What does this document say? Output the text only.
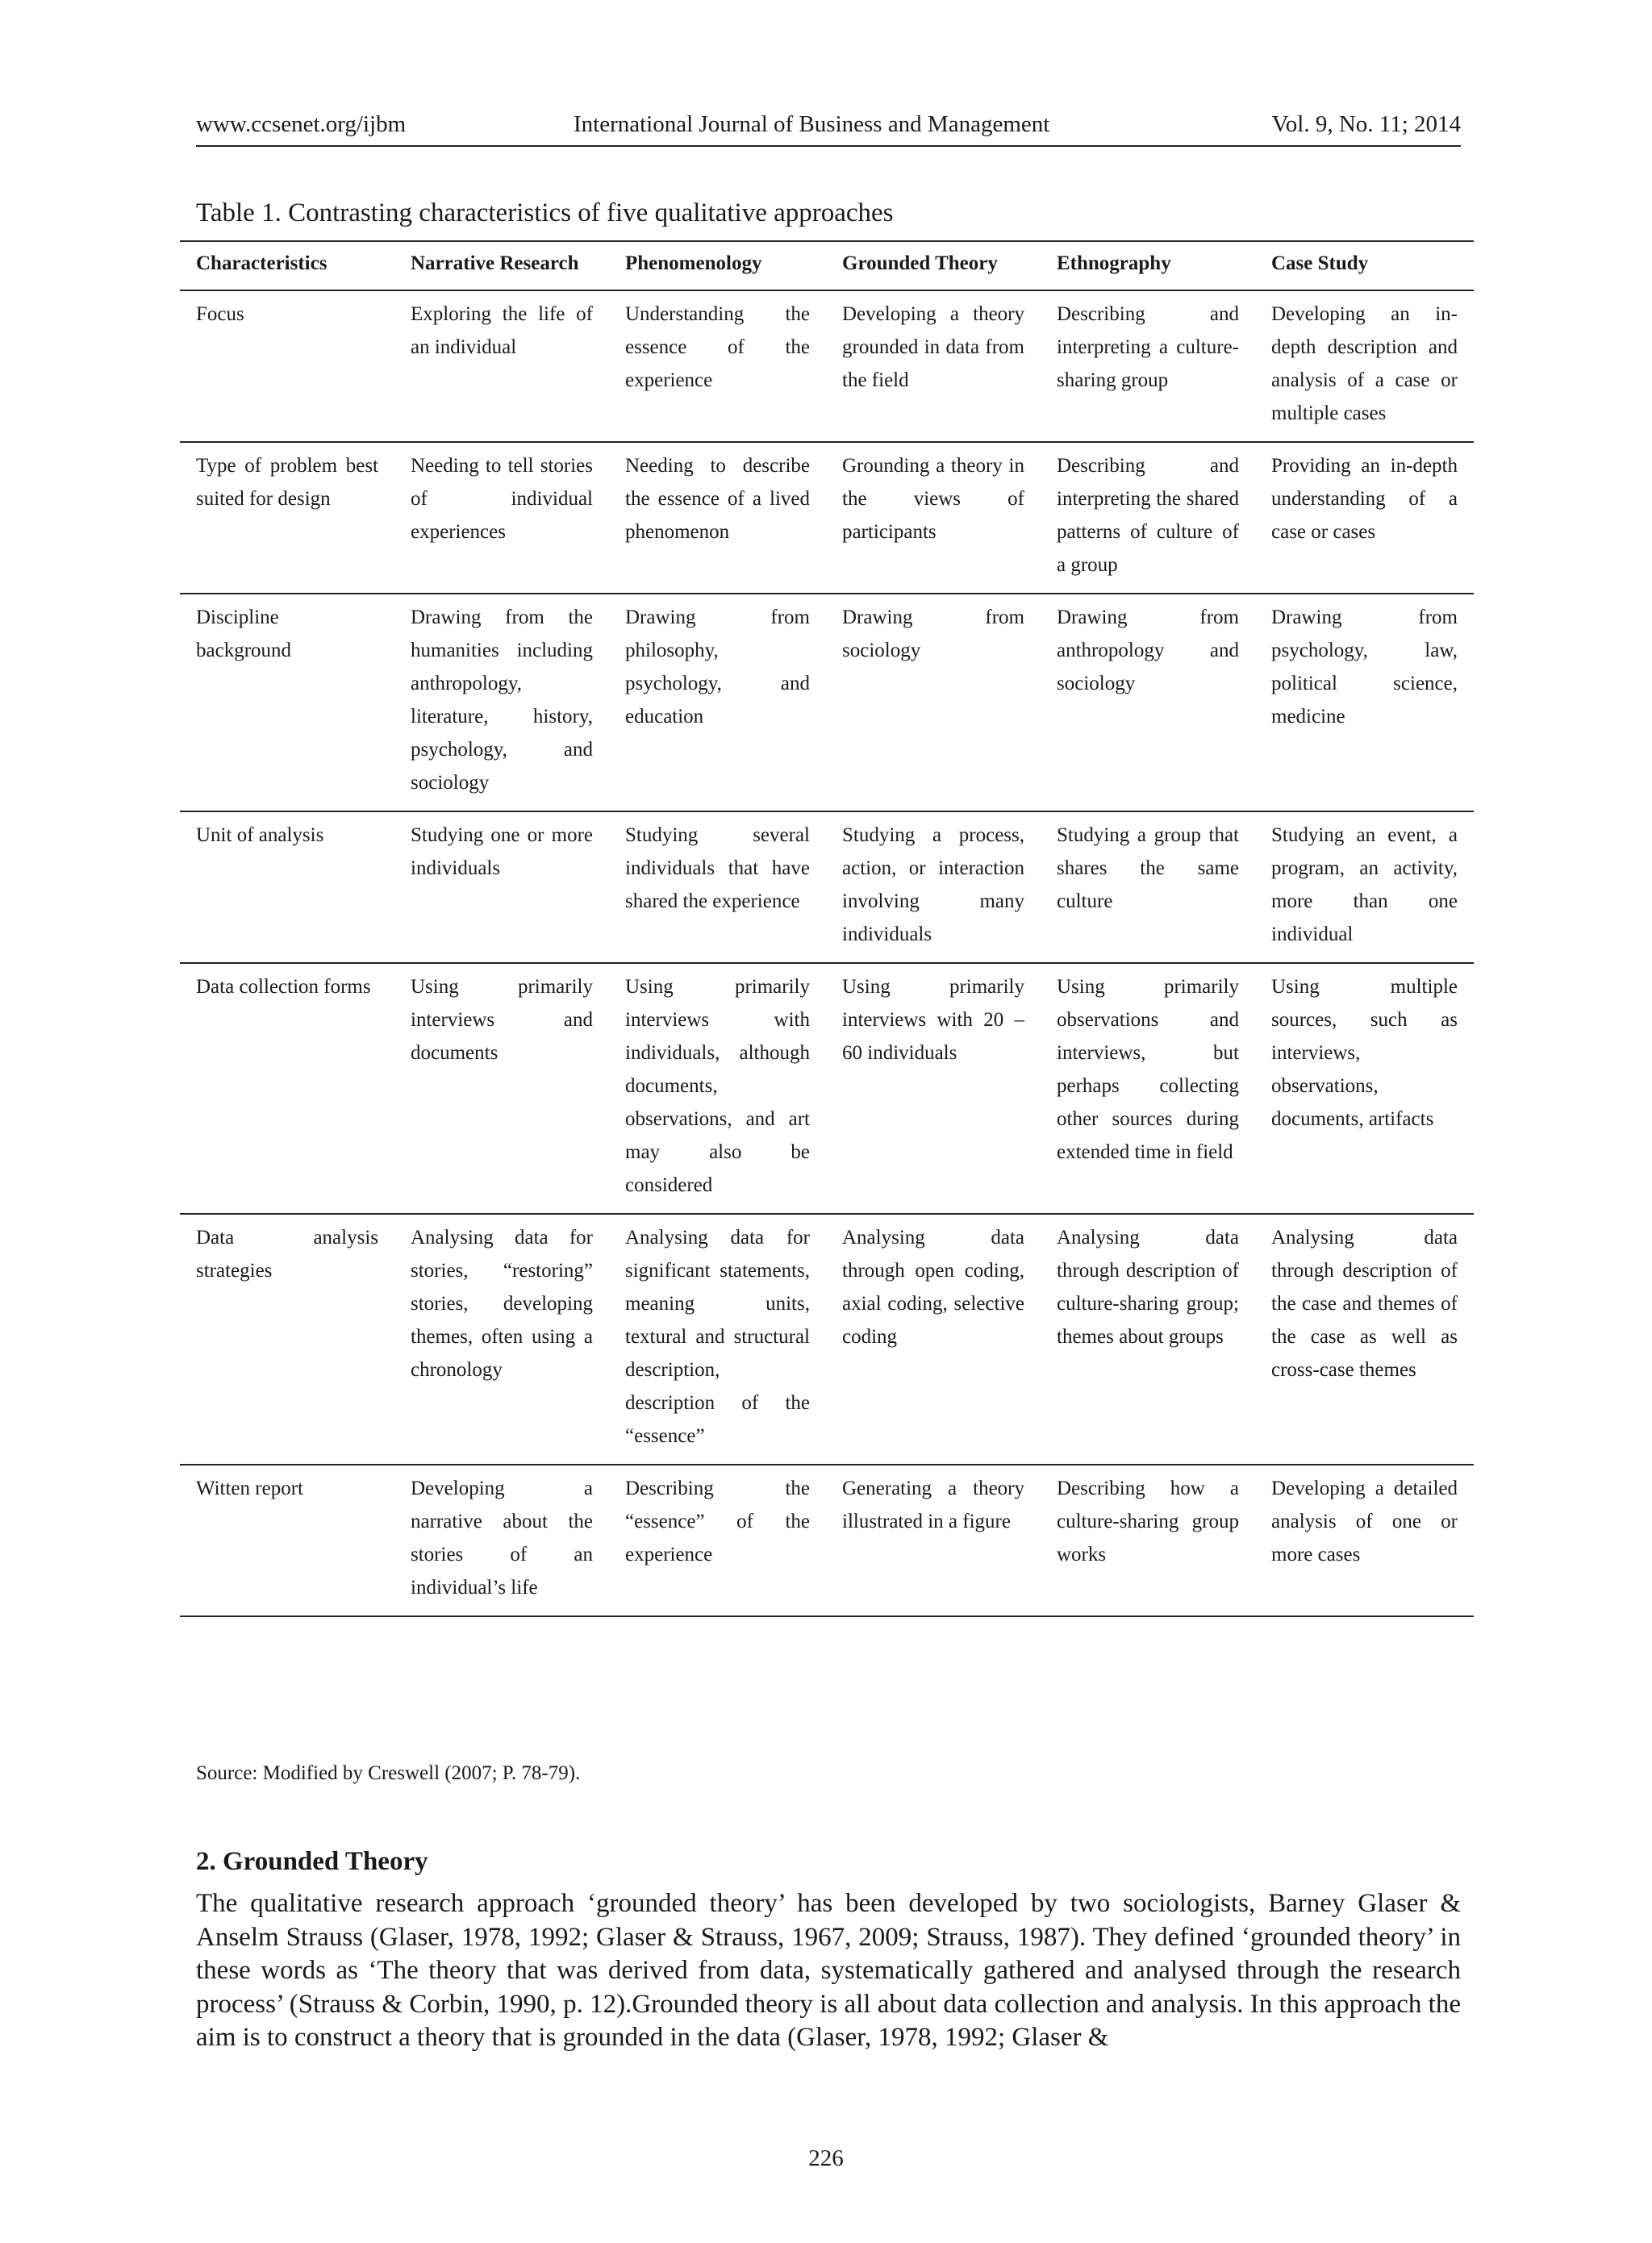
www.ccsenet.org/ijbm	International Journal of Business and Management	Vol. 9, No. 11; 2014
Table 1. Contrasting characteristics of five qualitative approaches
Characteristics	Narrative Research	Phenomenology	Grounded Theory	Ethnography	Case Study
Focus	Exploring the life of an individual	Understanding the essence of the experience	Developing a theory grounded in data from the field	Describing and interpreting a culture-sharing group	Developing an in-depth description and analysis of a case or multiple cases
Type of problem best suited for design	Needing to tell stories of individual experiences	Needing to describe the essence of a lived phenomenon	Grounding a theory in the views of participants	Describing and interpreting the shared patterns of culture of a group	Providing an in-depth understanding of a case or cases
Discipline background	Drawing from the humanities including anthropology, literature, history, psychology, and sociology	Drawing from philosophy, psychology, and education	Drawing from sociology	Drawing from anthropology and sociology	Drawing from psychology, law, political science, medicine
Unit of analysis	Studying one or more individuals	Studying several individuals that have shared the experience	Studying a process, action, or interaction involving many individuals	Studying a group that shares the same culture	Studying an event, a program, an activity, more than one individual
Data collection forms	Using primarily interviews and documents	Using primarily interviews with individuals, although documents, observations, and art may also be considered	Using primarily interviews with 20 – 60 individuals	Using primarily observations and interviews, but perhaps collecting other sources during extended time in field	Using multiple sources, such as interviews, observations, documents, artifacts
Data analysis strategies	Analysing data for stories, “restoring” stories, developing themes, often using a chronology	Analysing data for significant statements, meaning units, textural and structural description, description of the “essence”	Analysing data through open coding, axial coding, selective coding	Analysing data through description of culture-sharing group; themes about groups	Analysing data through description of the case and themes of the case as well as cross-case themes
Witten report	Developing a narrative about the stories of an individual’s life	Describing the “essence” of the experience	Generating a theory illustrated in a figure	Describing how a culture-sharing group works	Developing a detailed analysis of one or more cases
Source: Modified by Creswell (2007; P. 78-79).
2. Grounded Theory
The qualitative research approach ‘grounded theory’ has been developed by two sociologists, Barney Glaser & Anselm Strauss (Glaser, 1978, 1992; Glaser & Strauss, 1967, 2009; Strauss, 1987). They defined ‘grounded theory’ in these words as ‘The theory that was derived from data, systematically gathered and analysed through the research process’ (Strauss & Corbin, 1990, p. 12).Grounded theory is all about data collection and analysis. In this approach the aim is to construct a theory that is grounded in the data (Glaser, 1978, 1992; Glaser &
226
